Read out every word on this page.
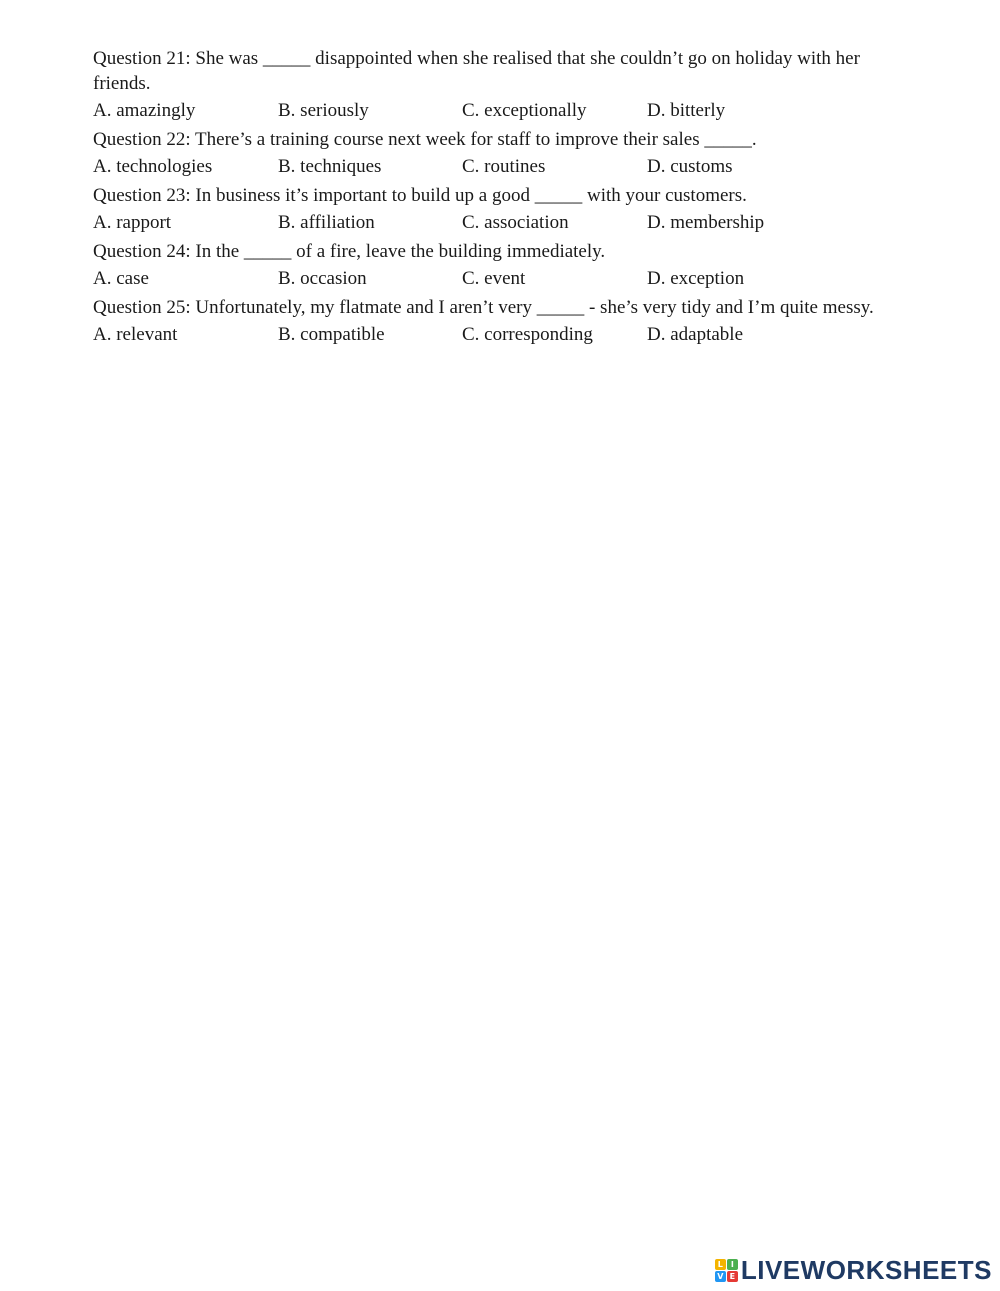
Question 21: She was _____ disappointed when she realised that she couldn’t go on holiday with her friends.
A. amazingly	B. seriously	C. exceptionally	D. bitterly
Question 22: There’s a training course next week for staff to improve their sales _____.
A. technologies	B. techniques	C. routines	D. customs
Question 23: In business it’s important to build up a good _____ with your customers.
A. rapport	B. affiliation	C. association	D. membership
Question 24: In the _____ of a fire, leave the building immediately.
A. case	B. occasion	C. event	D. exception
Question 25: Unfortunately, my flatmate and I aren’t very _____ - she’s very tidy and I’m quite messy.
A. relevant	B. compatible	C. corresponding	D. adaptable
L I
V E LIVEWORKSHEETS
